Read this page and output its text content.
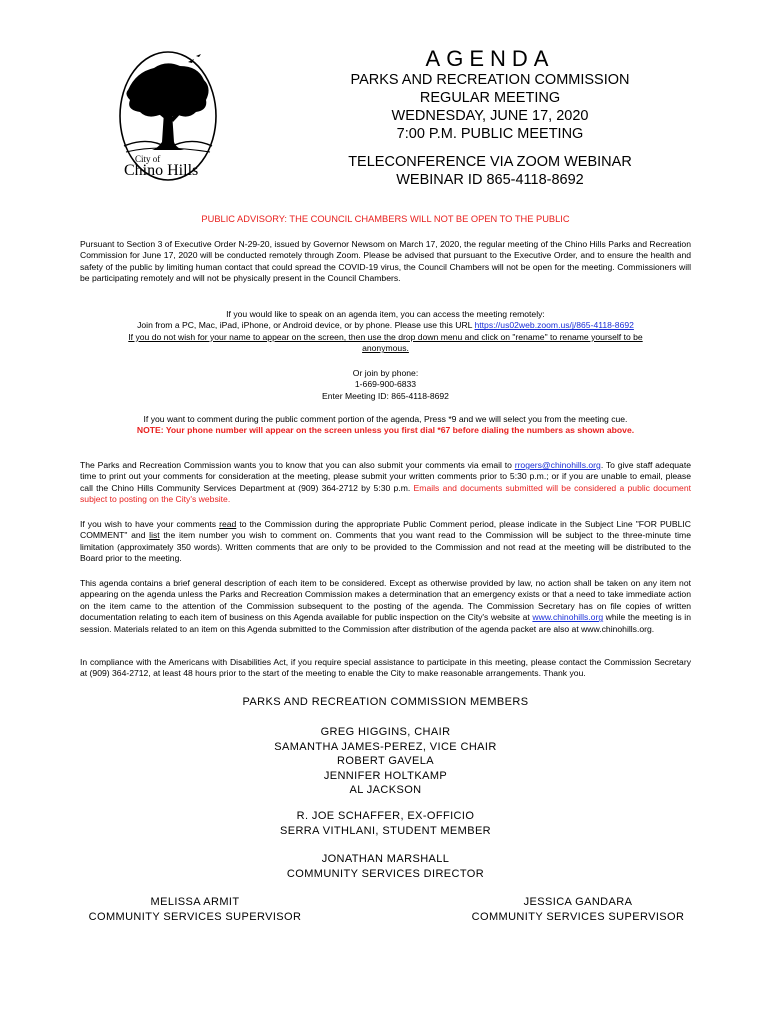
City of
Chino Hills
AGENDA
PARKS AND RECREATION COMMISSION
REGULAR MEETING
WEDNESDAY, JUNE 17, 2020
7:00 P.M. PUBLIC MEETING
TELECONFERENCE VIA ZOOM WEBINAR
WEBINAR ID 865-4118-8692
PUBLIC ADVISORY: THE COUNCIL CHAMBERS WILL NOT BE OPEN TO THE PUBLIC
Pursuant to Section 3 of Executive Order N-29-20, issued by Governor Newsom on March 17, 2020, the regular meeting of the Chino Hills Parks and Recreation Commission for June 17, 2020 will be conducted remotely through Zoom. Please be advised that pursuant to the Executive Order, and to ensure the health and safety of the public by limiting human contact that could spread the COVID-19 virus, the Council Chambers will not be open for the meeting. Commissioners will be participating remotely and will not be physically present in the Council Chambers.
If you would like to speak on an agenda item, you can access the meeting remotely:
Join from a PC, Mac, iPad, iPhone, or Android device, or by phone. Please use this URL https://us02web.zoom.us/j/865-4118-8692
If you do not wish for your name to appear on the screen, then use the drop down menu and click on "rename" to rename yourself to be anonymous.
Or join by phone:
1-669-900-6833
Enter Meeting ID: 865-4118-8692
If you want to comment during the public comment portion of the agenda, Press *9 and we will select you from the meeting cue.
NOTE: Your phone number will appear on the screen unless you first dial *67 before dialing the numbers as shown above.
The Parks and Recreation Commission wants you to know that you can also submit your comments via email to rrogers@chinohills.org. To give staff adequate time to print out your comments for consideration at the meeting, please submit your written comments prior to 5:30 p.m.; or if you are unable to email, please call the Chino Hills Community Services Department at (909) 364-2712 by 5:30 p.m. Emails and documents submitted will be considered a public document subject to posting on the City's website.
If you wish to have your comments read to the Commission during the appropriate Public Comment period, please indicate in the Subject Line "FOR PUBLIC COMMENT" and list the item number you wish to comment on. Comments that you want read to the Commission will be subject to the three-minute time limitation (approximately 350 words). Written comments that are only to be provided to the Commission and not read at the meeting will be distributed to the Board prior to the meeting.
This agenda contains a brief general description of each item to be considered. Except as otherwise provided by law, no action shall be taken on any item not appearing on the agenda unless the Parks and Recreation Commission makes a determination that an emergency exists or that a need to take immediate action on the item came to the attention of the Commission subsequent to the posting of the agenda. The Commission Secretary has on file copies of written documentation relating to each item of business on this Agenda available for public inspection on the City's website at www.chinohills.org while the meeting is in session. Materials related to an item on this Agenda submitted to the Commission after distribution of the agenda packet are also at www.chinohills.org.
In compliance with the Americans with Disabilities Act, if you require special assistance to participate in this meeting, please contact the Commission Secretary at (909) 364-2712, at least 48 hours prior to the start of the meeting to enable the City to make reasonable arrangements. Thank you.
PARKS AND RECREATION COMMISSION MEMBERS
GREG HIGGINS, CHAIR
SAMANTHA JAMES-PEREZ, VICE CHAIR
ROBERT GAVELA
JENNIFER HOLTKAMP
AL JACKSON
R. JOE SCHAFFER, EX-OFFICIO
SERRA VITHLANI, STUDENT MEMBER
JONATHAN MARSHALL
COMMUNITY SERVICES DIRECTOR
MELISSA ARMIT
COMMUNITY SERVICES SUPERVISOR
JESSICA GANDARA
COMMUNITY SERVICES SUPERVISOR
